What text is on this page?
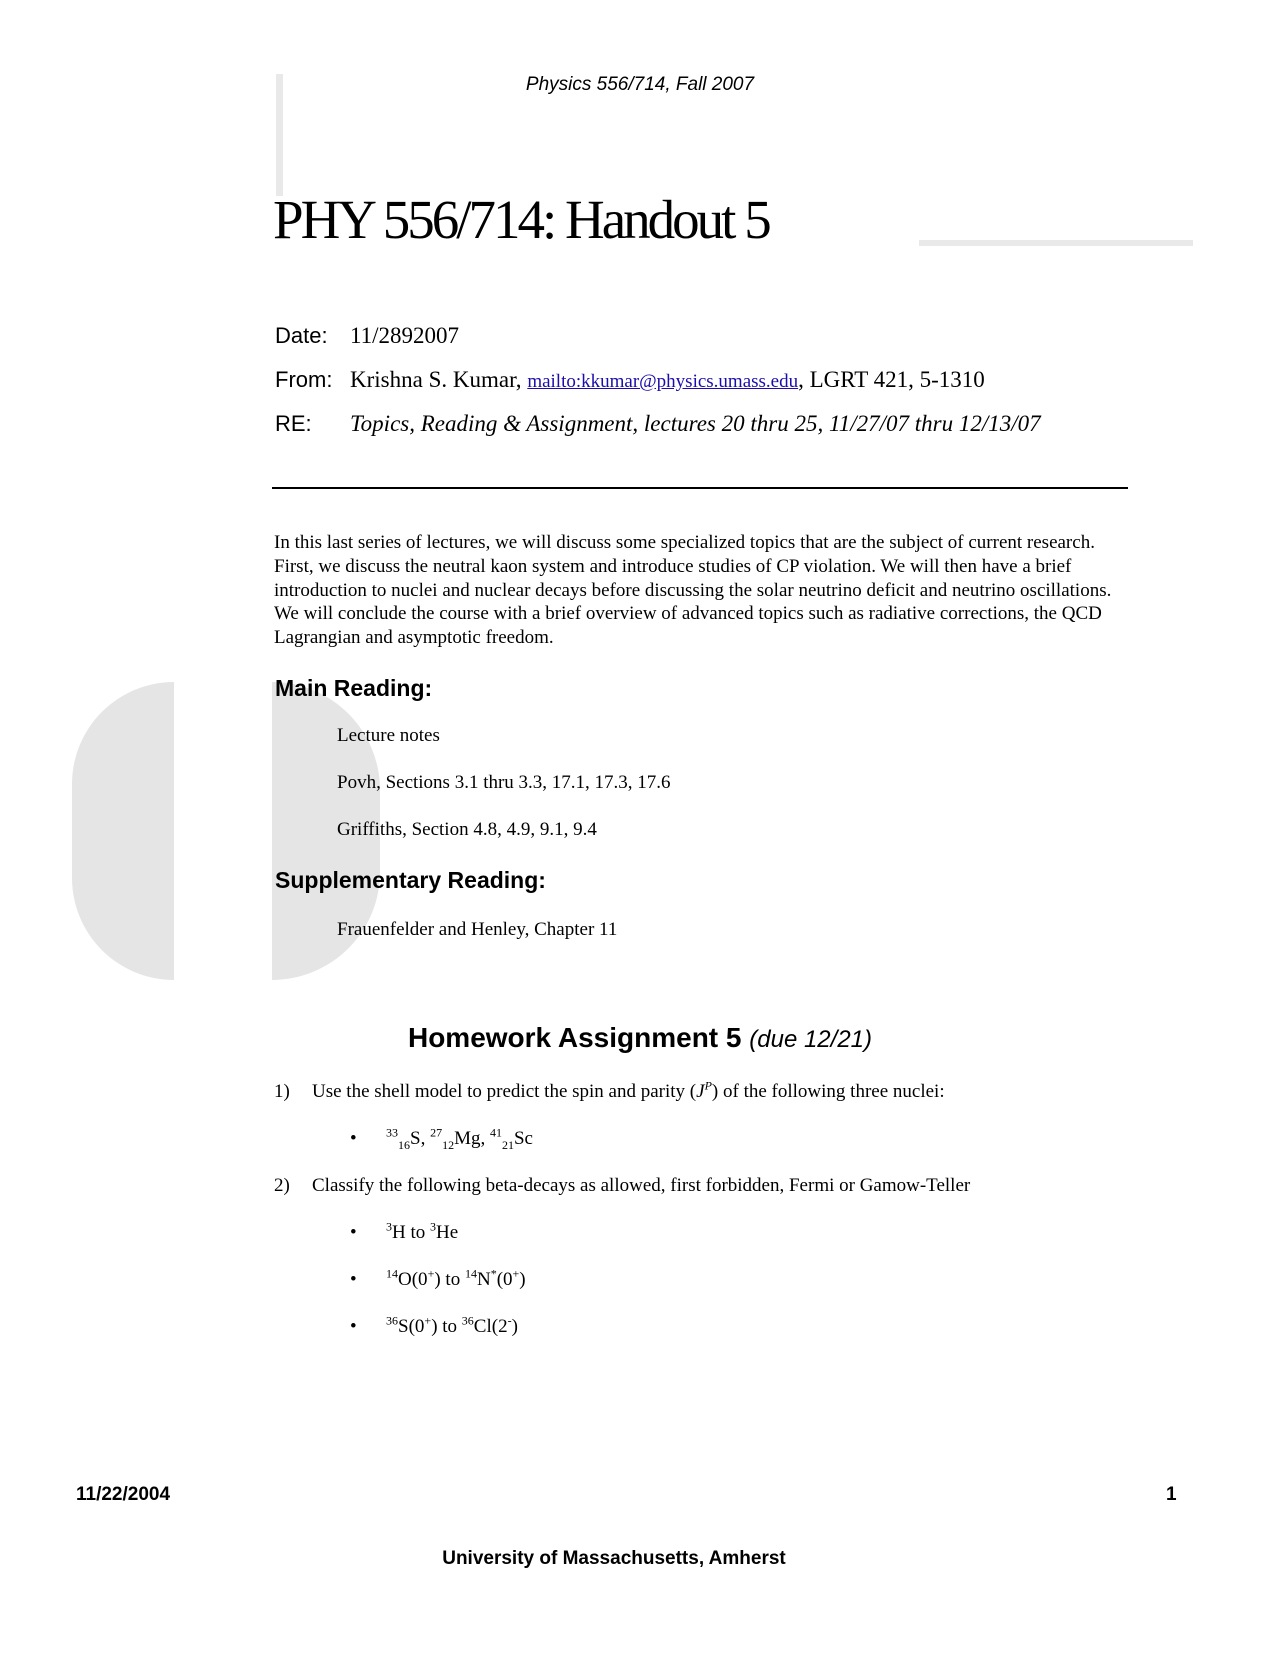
Physics 556/714, Fall 2007
PHY 556/714: Handout 5
Date: 11/2892007
From: Krishna S. Kumar, mailto:kkumar@physics.umass.edu, LGRT 421, 5-1310
RE: Topics, Reading & Assignment, lectures 20 thru 25, 11/27/07 thru 12/13/07

In this last series of lectures, we will discuss some specialized topics that are the subject of current research. First, we discuss the neutral kaon system and introduce studies of CP violation. We will then have a brief introduction to nuclei and nuclear decays before discussing the solar neutrino deficit and neutrino oscillations. We will conclude the course with a brief overview of advanced topics such as radiative corrections, the QCD Lagrangian and asymptotic freedom.

Main Reading:
Lecture notes
Povh, Sections 3.1 thru 3.3, 17.1, 17.3, 17.6
Griffiths, Section 4.8, 4.9, 9.1, 9.4
Supplementary Reading:
Frauenfelder and Henley, Chapter 11
Homework Assignment 5 (due 12/21)
1) Use the shell model to predict the spin and parity $(J^P)$ of the following three nuclei:
• $^{33}_{16}$S, $^{27}_{12}$Mg, $^{41}_{21}$Sc
2) Classify the following beta-decays as allowed, first forbidden, Fermi or Gamow-Teller
• $^3$H to $^3$He
• $^{14}$O(0+) to $^{14}$N*(0+)
• $^{36}$S(0+) to $^{36}$Cl(2-)
11/22/2004	1
University of Massachusetts, Amherst
